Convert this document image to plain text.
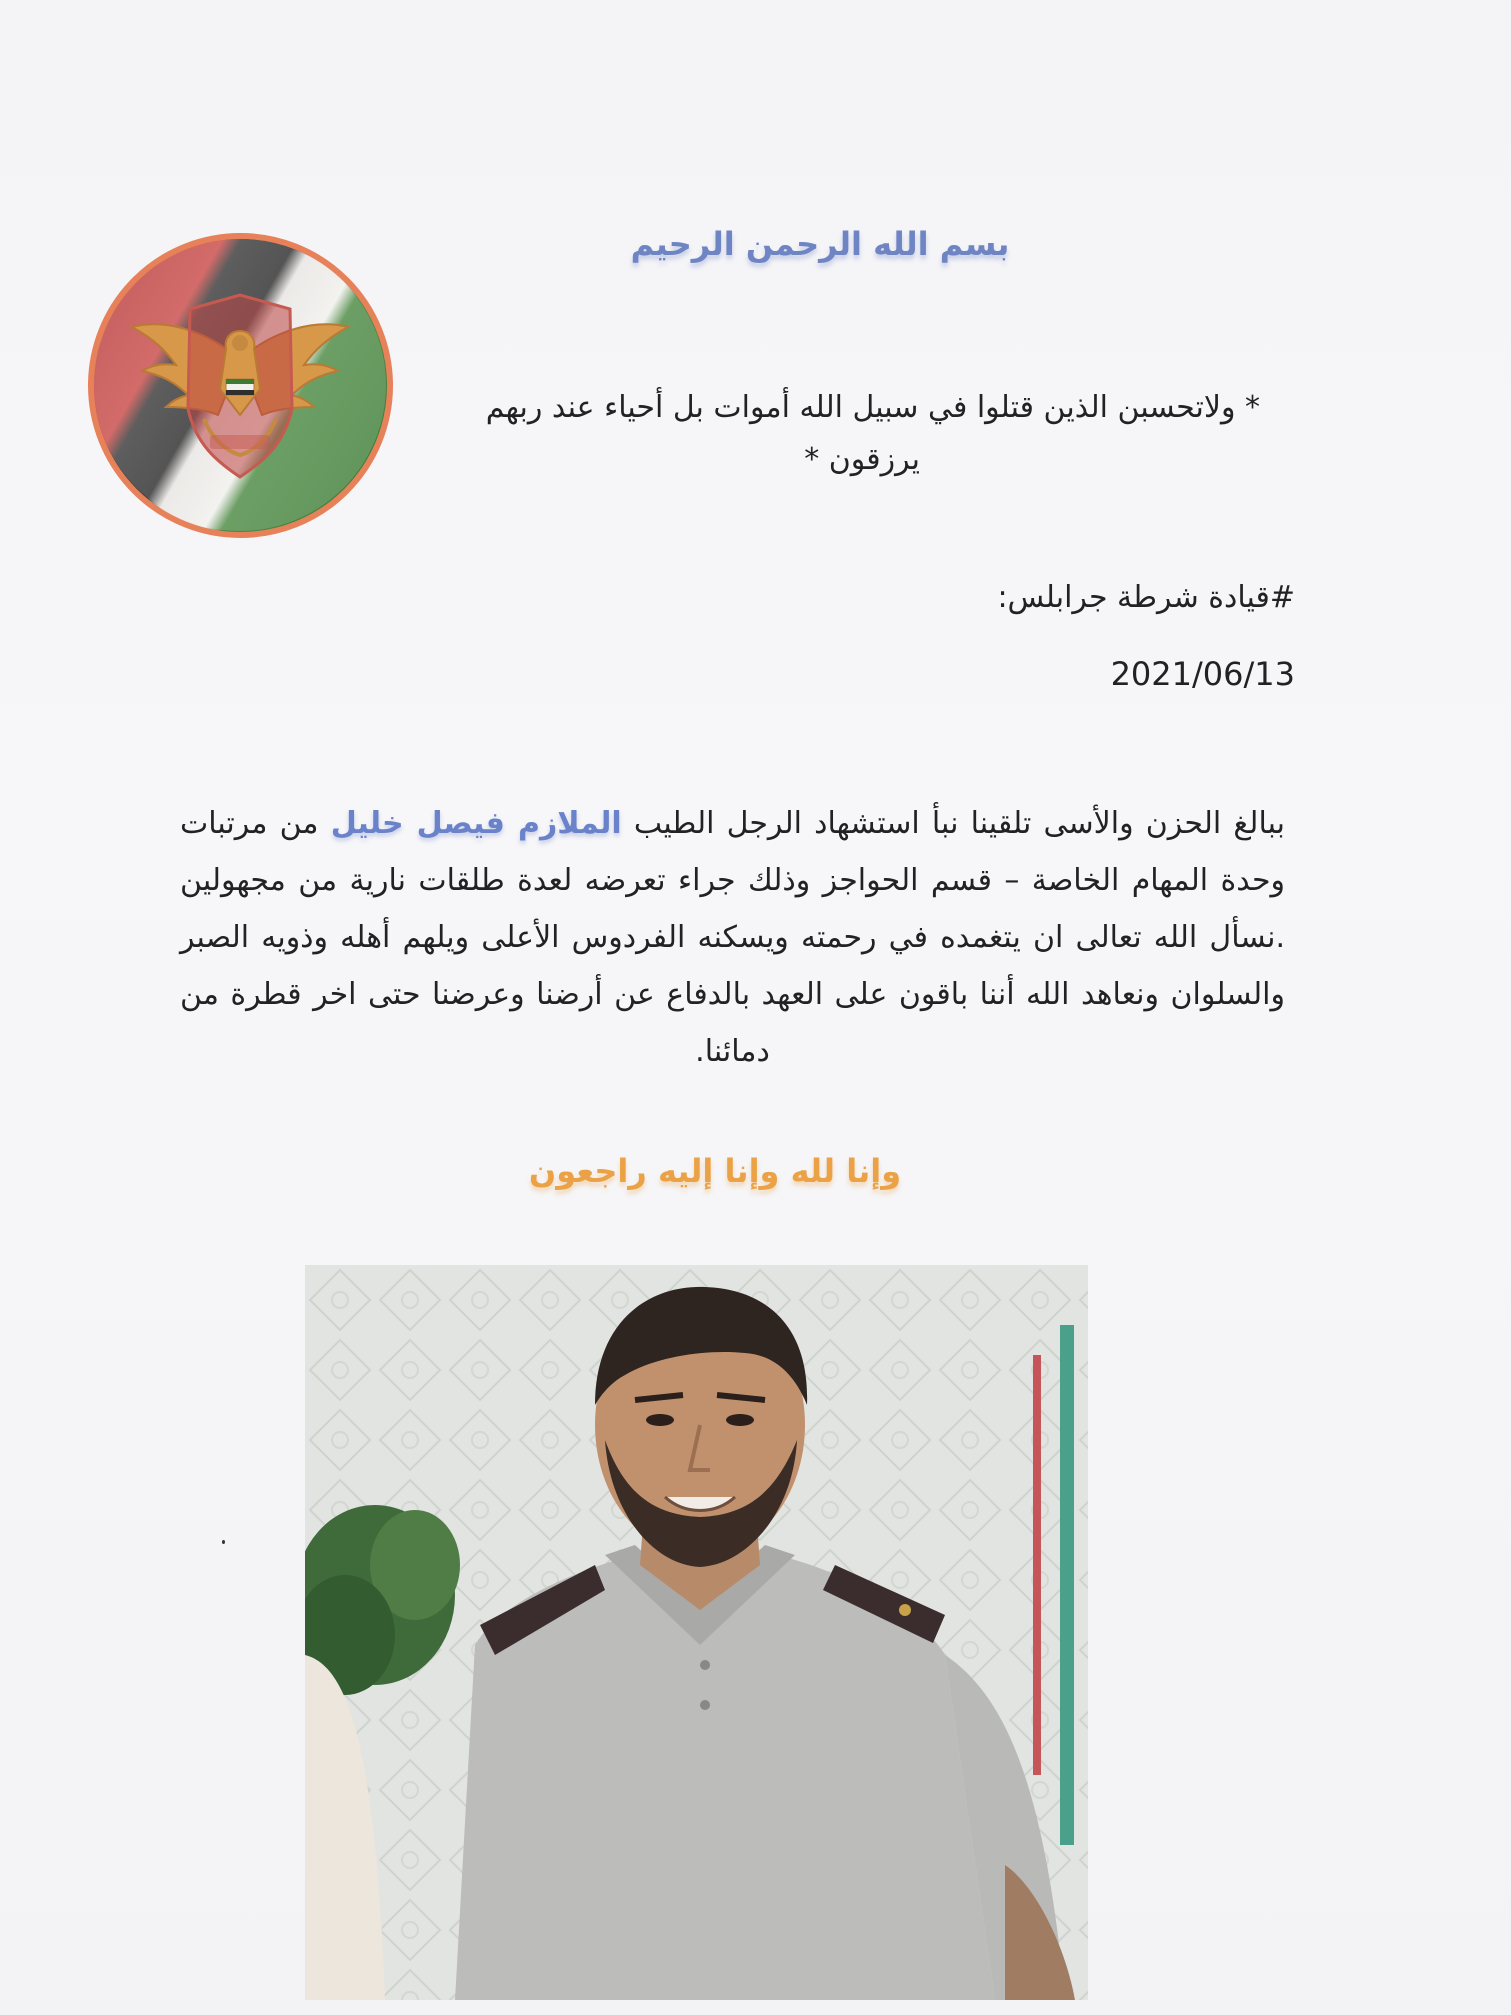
بسم الله الرحمن الرحيم
* ولاتحسبن الذين قتلوا في سبيل الله أموات بل أحياء عند ربهم
يرزقون *
#قيادة شرطة جرابلس:
2021/06/13
ببالغ الحزن والأسى تلقينا نبأ استشهاد الرجل الطيب الملازم فيصل خليل من مرتبات وحدة المهام الخاصة – قسم الحواجز وذلك جراء تعرضه لعدة طلقات نارية من مجهولين .نسأل الله تعالى ان يتغمده في رحمته ويسكنه الفردوس الأعلى ويلهم أهله وذويه الصبر والسلوان ونعاهد الله أننا باقون على العهد بالدفاع عن أرضنا وعرضنا حتى اخر قطرة من دمائنا.
وإنا لله وإنا إليه راجعون
